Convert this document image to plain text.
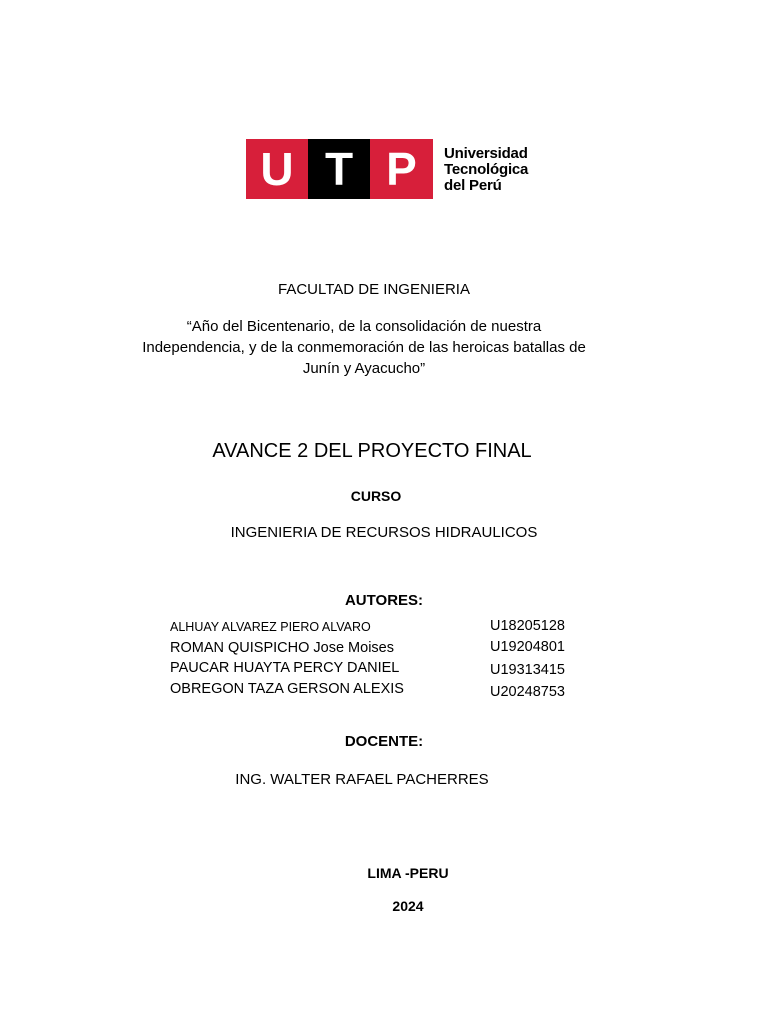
U T P	Universidad
Tecnológica
del Perú
FACULTAD DE INGENIERIA
“Año del Bicentenario, de la consolidación de nuestra
Independencia, y de la conmemoración de las heroicas batallas de
Junín y Ayacucho”
AVANCE 2 DEL PROYECTO FINAL
CURSO
INGENIERIA DE RECURSOS HIDRAULICOS
AUTORES:
ALHUAY ALVAREZ PIERO ALVARO	U18205128
ROMAN QUISPICHO Jose Moises	U19204801
PAUCAR HUAYTA PERCY DANIEL	U19313415
OBREGON TAZA GERSON ALEXIS	U20248753
DOCENTE:
ING. WALTER RAFAEL PACHERRES
LIMA -PERU
2024
